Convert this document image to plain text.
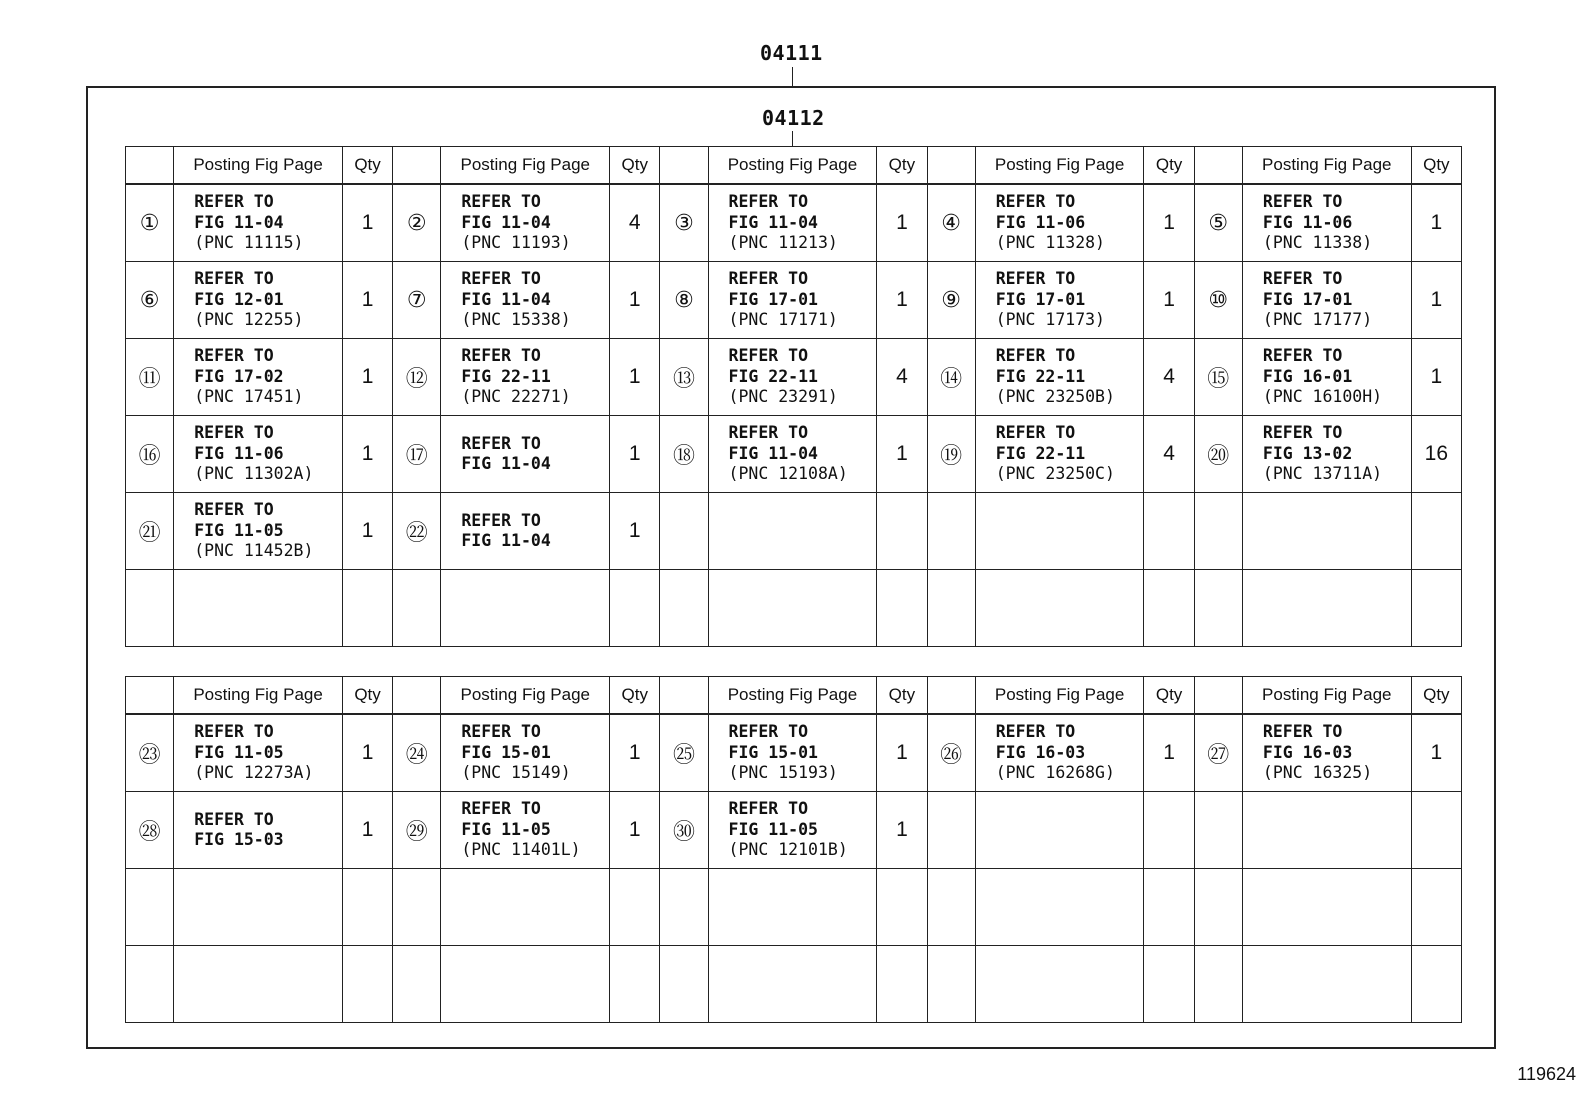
04111
04112
	Posting Fig Page	Qty		Posting Fig Page	Qty		Posting Fig Page	Qty		Posting Fig Page	Qty		Posting Fig Page	Qty
①	REFER TO
FIG 11-04
(PNC 11115)	1	②	REFER TO
FIG 11-04
(PNC 11193)	4	③	REFER TO
FIG 11-04
(PNC 11213)	1	④	REFER TO
FIG 11-06
(PNC 11328)	1	⑤	REFER TO
FIG 11-06
(PNC 11338)	1
⑥	REFER TO
FIG 12-01
(PNC 12255)	1	⑦	REFER TO
FIG 11-04
(PNC 15338)	1	⑧	REFER TO
FIG 17-01
(PNC 17171)	1	⑨	REFER TO
FIG 17-01
(PNC 17173)	1	⑩	REFER TO
FIG 17-01
(PNC 17177)	1
⑪	REFER TO
FIG 17-02
(PNC 17451)	1	⑫	REFER TO
FIG 22-11
(PNC 22271)	1	⑬	REFER TO
FIG 22-11
(PNC 23291)	4	⑭	REFER TO
FIG 22-11
(PNC 23250B)	4	⑮	REFER TO
FIG 16-01
(PNC 16100H)	1
⑯	REFER TO
FIG 11-06
(PNC 11302A)	1	⑰	REFER TO
FIG 11-04	1	⑱	REFER TO
FIG 11-04
(PNC 12108A)	1	⑲	REFER TO
FIG 22-11
(PNC 23250C)	4	⑳	REFER TO
FIG 13-02
(PNC 13711A)	16
㉑	REFER TO
FIG 11-05
(PNC 11452B)	1	㉒	REFER TO
FIG 11-04	1		

	Posting Fig Page	Qty		Posting Fig Page	Qty		Posting Fig Page	Qty		Posting Fig Page	Qty		Posting Fig Page	Qty
㉓	REFER TO
FIG 11-05
(PNC 12273A)	1	㉔	REFER TO
FIG 15-01
(PNC 15149)	1	㉕	REFER TO
FIG 15-01
(PNC 15193)	1	㉖	REFER TO
FIG 16-03
(PNC 16268G)	1	㉗	REFER TO
FIG 16-03
(PNC 16325)	1
㉘	REFER TO
FIG 15-03	1	㉙	REFER TO
FIG 11-05
(PNC 11401L)	1	㉚	REFER TO
FIG 11-05
(PNC 12101B)	1		

119624
